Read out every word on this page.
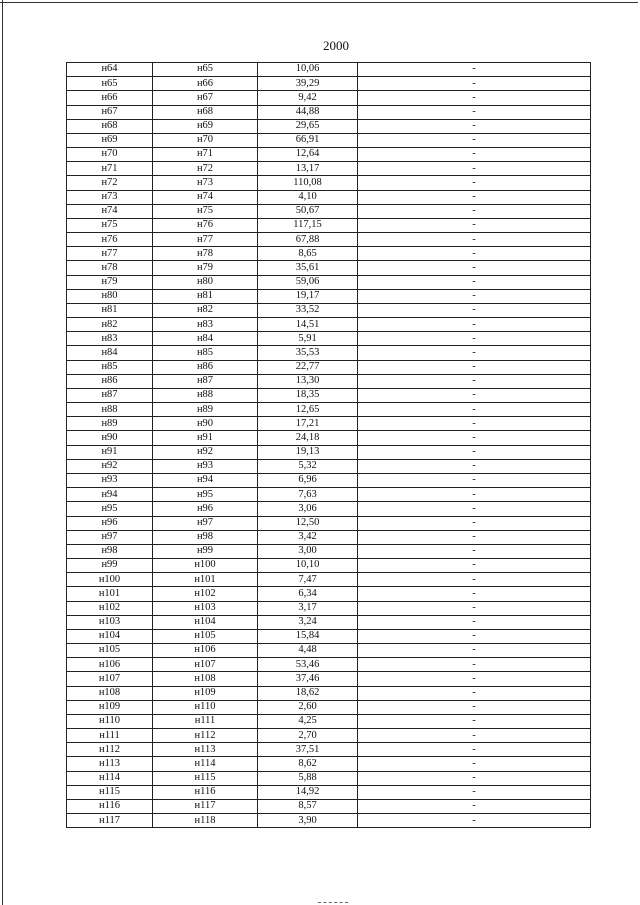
2000
н64	н65	10,06	-
н65	н66	39,29	-
н66	н67	9,42	-
н67	н68	44,88	-
н68	н69	29,65	-
н69	н70	66,91	-
н70	н71	12,64	-
н71	н72	13,17	-
н72	н73	110,08	-
н73	н74	4,10	-
н74	н75	50,67	-
н75	н76	117,15	-
н76	н77	67,88	-
н77	н78	8,65	-
н78	н79	35,61	-
н79	н80	59,06	-
н80	н81	19,17	-
н81	н82	33,52	-
н82	н83	14,51	-
н83	н84	5,91	-
н84	н85	35,53	-
н85	н86	22,77	-
н86	н87	13,30	-
н87	н88	18,35	-
н88	н89	12,65	-
н89	н90	17,21	-
н90	н91	24,18	-
н91	н92	19,13	-
н92	н93	5,32	-
н93	н94	6,96	-
н94	н95	7,63	-
н95	н96	3,06	-
н96	н97	12,50	-
н97	н98	3,42	-
н98	н99	3,00	-
н99	н100	10,10	-
н100	н101	7,47	-
н101	н102	6,34	-
н102	н103	3,17	-
н103	н104	3,24	-
н104	н105	15,84	-
н105	н106	4,48	-
н106	н107	53,46	-
н107	н108	37,46	-
н108	н109	18,62	-
н109	н110	2,60	-
н110	н111	4,25	-
н111	н112	2,70	-
н112	н113	37,51	-
н113	н114	8,62	-
н114	н115	5,88	-
н115	н116	14,92	-
н116	н117	8,57	-
н117	н118	3,90	-
